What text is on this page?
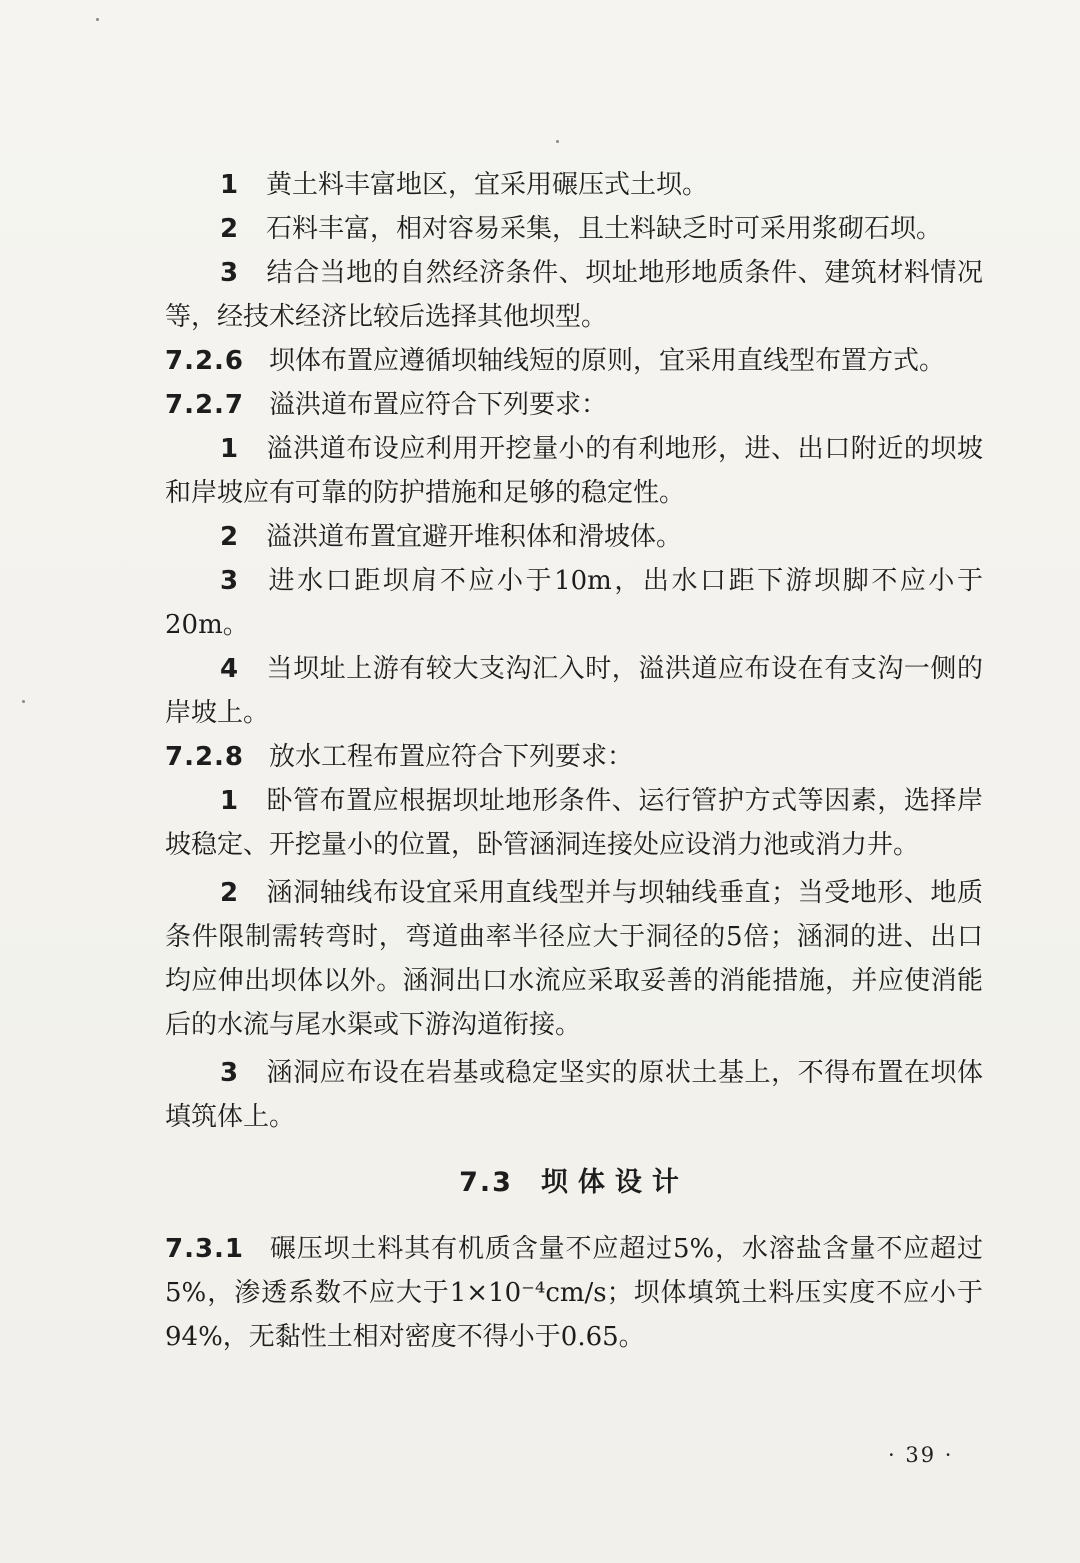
1 黄土料丰富地区，宜采用碾压式土坝。

2 石料丰富，相对容易采集，且土料缺乏时可采用浆砌石坝。

3 结合当地的自然经济条件、坝址地形地质条件、建筑材料情况等，经技术经济比较后选择其他坝型。

7.2.6 坝体布置应遵循坝轴线短的原则，宜采用直线型布置方式。

7.2.7 溢洪道布置应符合下列要求：

1 溢洪道布设应利用开挖量小的有利地形，进、出口附近的坝坡和岸坡应有可靠的防护措施和足够的稳定性。

2 溢洪道布置宜避开堆积体和滑坡体。

3 进水口距坝肩不应小于10m，出水口距下游坝脚不应小于20m。

4 当坝址上游有较大支沟汇入时，溢洪道应布设在有支沟一侧的岸坡上。

7.2.8 放水工程布置应符合下列要求：

1 卧管布置应根据坝址地形条件、运行管护方式等因素，选择岸坡稳定、开挖量小的位置，卧管涵洞连接处应设消力池或消力井。

2 涵洞轴线布设宜采用直线型并与坝轴线垂直；当受地形、地质条件限制需转弯时，弯道曲率半径应大于洞径的5倍；涵洞的进、出口均应伸出坝体以外。涵洞出口水流应采取妥善的消能措施，并应使消能后的水流与尾水渠或下游沟道衔接。

3 涵洞应布设在岩基或稳定坚实的原状土基上，不得布置在坝体填筑体上。

7.3 坝体设计

7.3.1 碾压坝土料其有机质含量不应超过5%，水溶盐含量不应超过5%，渗透系数不应大于1×10⁻⁴cm/s；坝体填筑土料压实度不应小于94%，无黏性土相对密度不得小于0.65。

· 39 ·
